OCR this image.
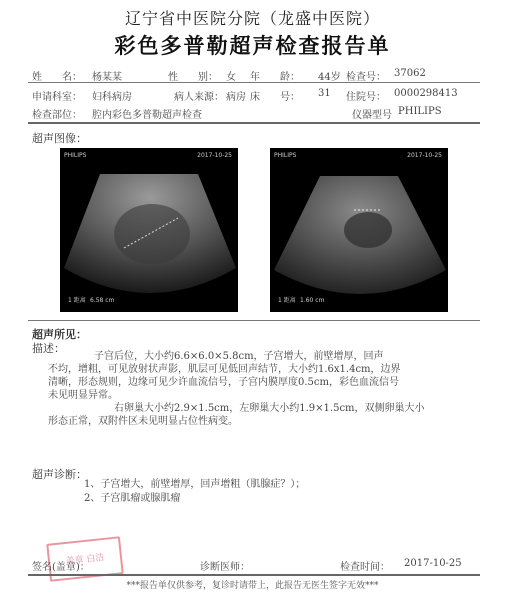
辽宁省中医院分院（龙盛中医院）
彩色多普勒超声检查报告单
姓　　名： 杨某某	性　　别： 女 年　　龄： 44岁 检查号： 37062
申请科室： 妇科病房	病人来源： 病房 床　　号： 31 住院号： 0000298413
检查部位： 腔内彩色多普勒超声检查	仪器型号 PHILIPS
超声图像：
PHILIPS	2017-10-25
1 距离 6.58 cm
PHILIPS	2017-10-25
1 距离 1.60 cm
超声所见：
描述：

子宫后位，大小约6.6×6.0×5.8cm，子宫增大，前壁增厚，回声

不均，增粗，可见放射状声影，肌层可见低回声结节，大小约1.6x1.4cm，边界

清晰，形态规则，边缘可见少许血流信号，子宫内膜厚度0.5cm，彩色血流信号

未见明显异常。

　　右卵巢大小约2.9×1.5cm，左卵巢大小约1.9×1.5cm，双侧卵巢大小

形态正常，双附件区未见明显占位性病变。

超声诊断：

1、子宫增大，前壁增厚，回声增粗（肌腺症？）；

2、子宫肌瘤或腺肌瘤

盖章 白洁
签名(盖章)：	诊断医师：	检查时间： 2017-10-25
***报告单仅供参考，复诊时请带上，此报告无医生签字无效***
